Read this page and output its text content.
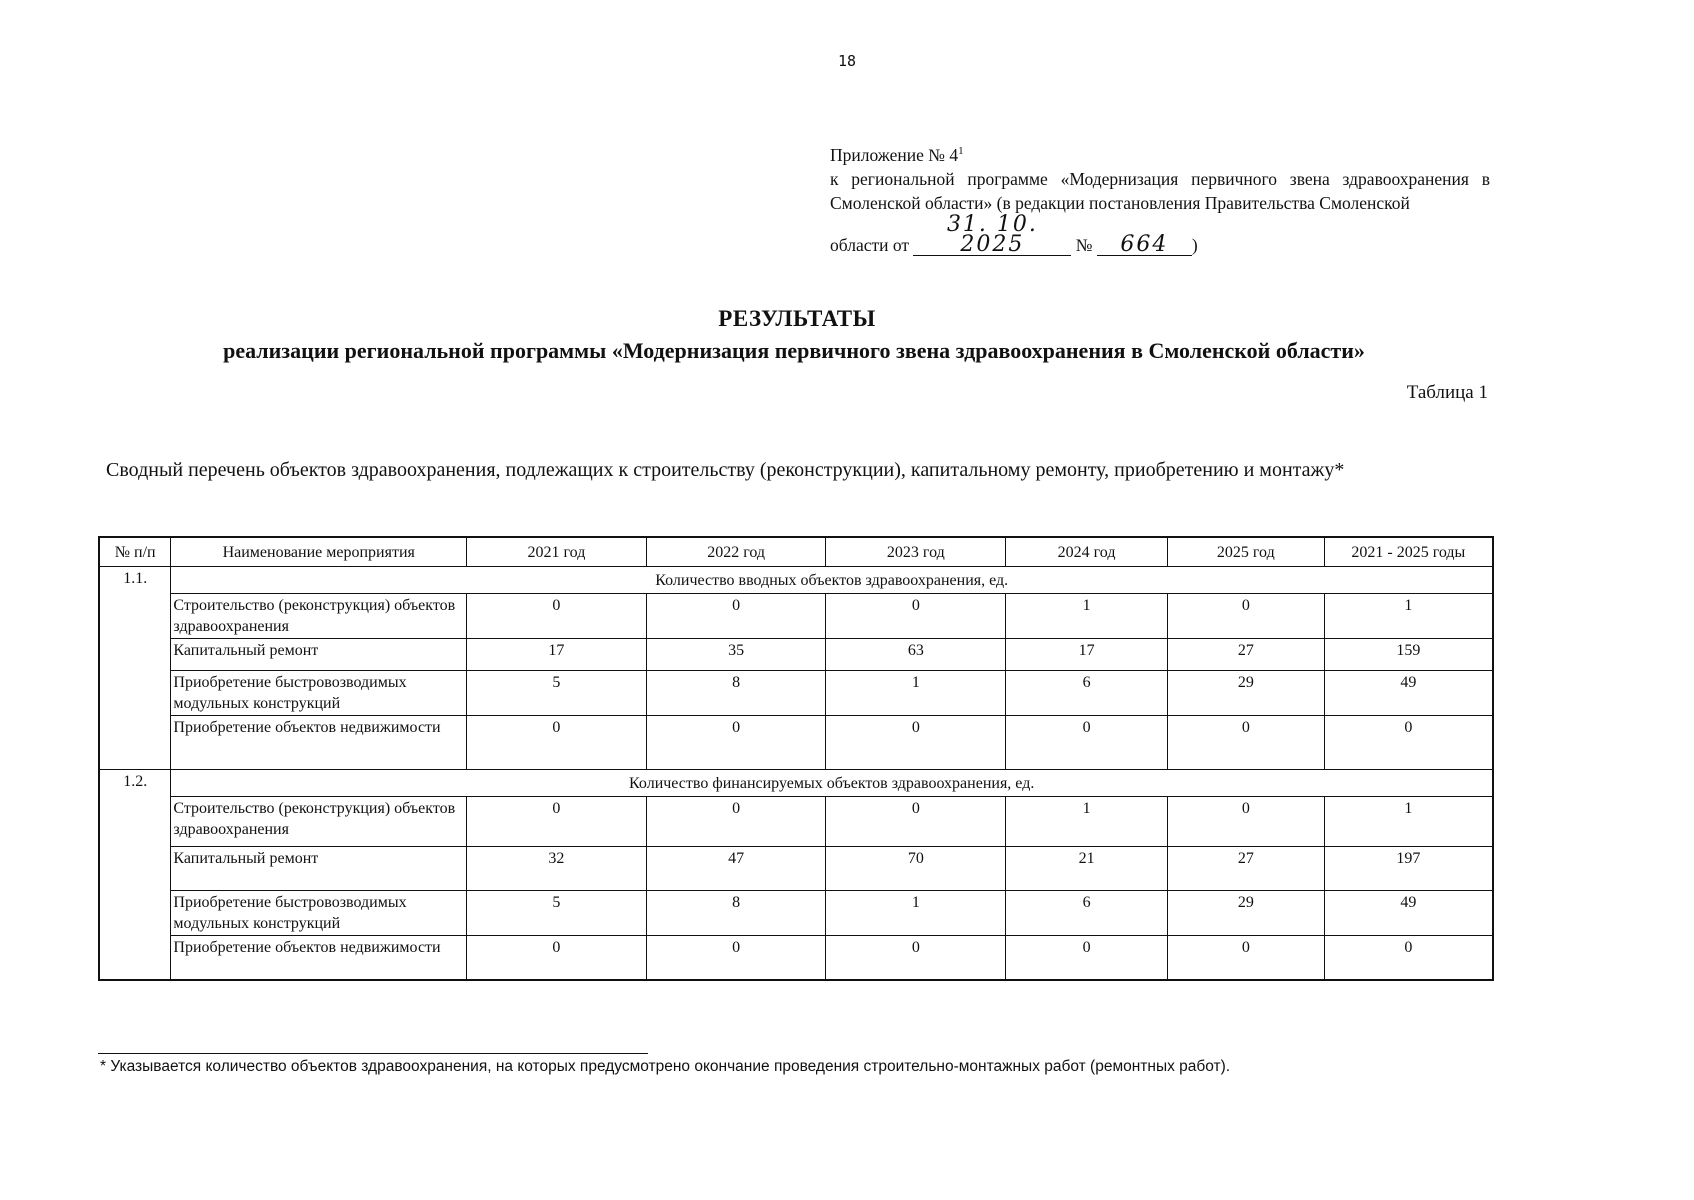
18
Приложение № $4^1$
к региональной программе «Модернизация первичного звена здравоохранения в Смоленской области» (в редакции постановления Правительства Смоленской
области от 31. 10. 2025	№ 664 )
РЕЗУЛЬТАТЫ
реализации региональной программы «Модернизация первичного звена здравоохранения в Смоленской области»
Таблица 1
Сводный перечень объектов здравоохранения, подлежащих к строительству (реконструкции), капитальному ремонту, приобретению и монтажу*
№ п/п	Наименование мероприятия	2021 год	2022 год	2023 год	2024 год	2025 год	2021 - 2025 годы
1.1.	Количество вводных объектов здравоохранения, ед.						
	Строительство (реконструкция) объектов здравоохранения	0	0	0	1	0	1
	Капитальный ремонт	17	35	63	17	27	159
	Приобретение быстровозводимых модульных конструкций	5	8	1	6	29	49
	Приобретение объектов недвижимости	0	0	0	0	0	0
1.2.	Количество финансируемых объектов здравоохранения, ед.						
	Строительство (реконструкция) объектов здравоохранения	0	0	0	1	0	1
	Капитальный ремонт	32	47	70	21	27	197
	Приобретение быстровозводимых модульных конструкций	5	8	1	6	29	49
	Приобретение объектов недвижимости	0	0	0	0	0	0
* Указывается количество объектов здравоохранения, на которых предусмотрено окончание проведения строительно-монтажных работ (ремонтных работ).
